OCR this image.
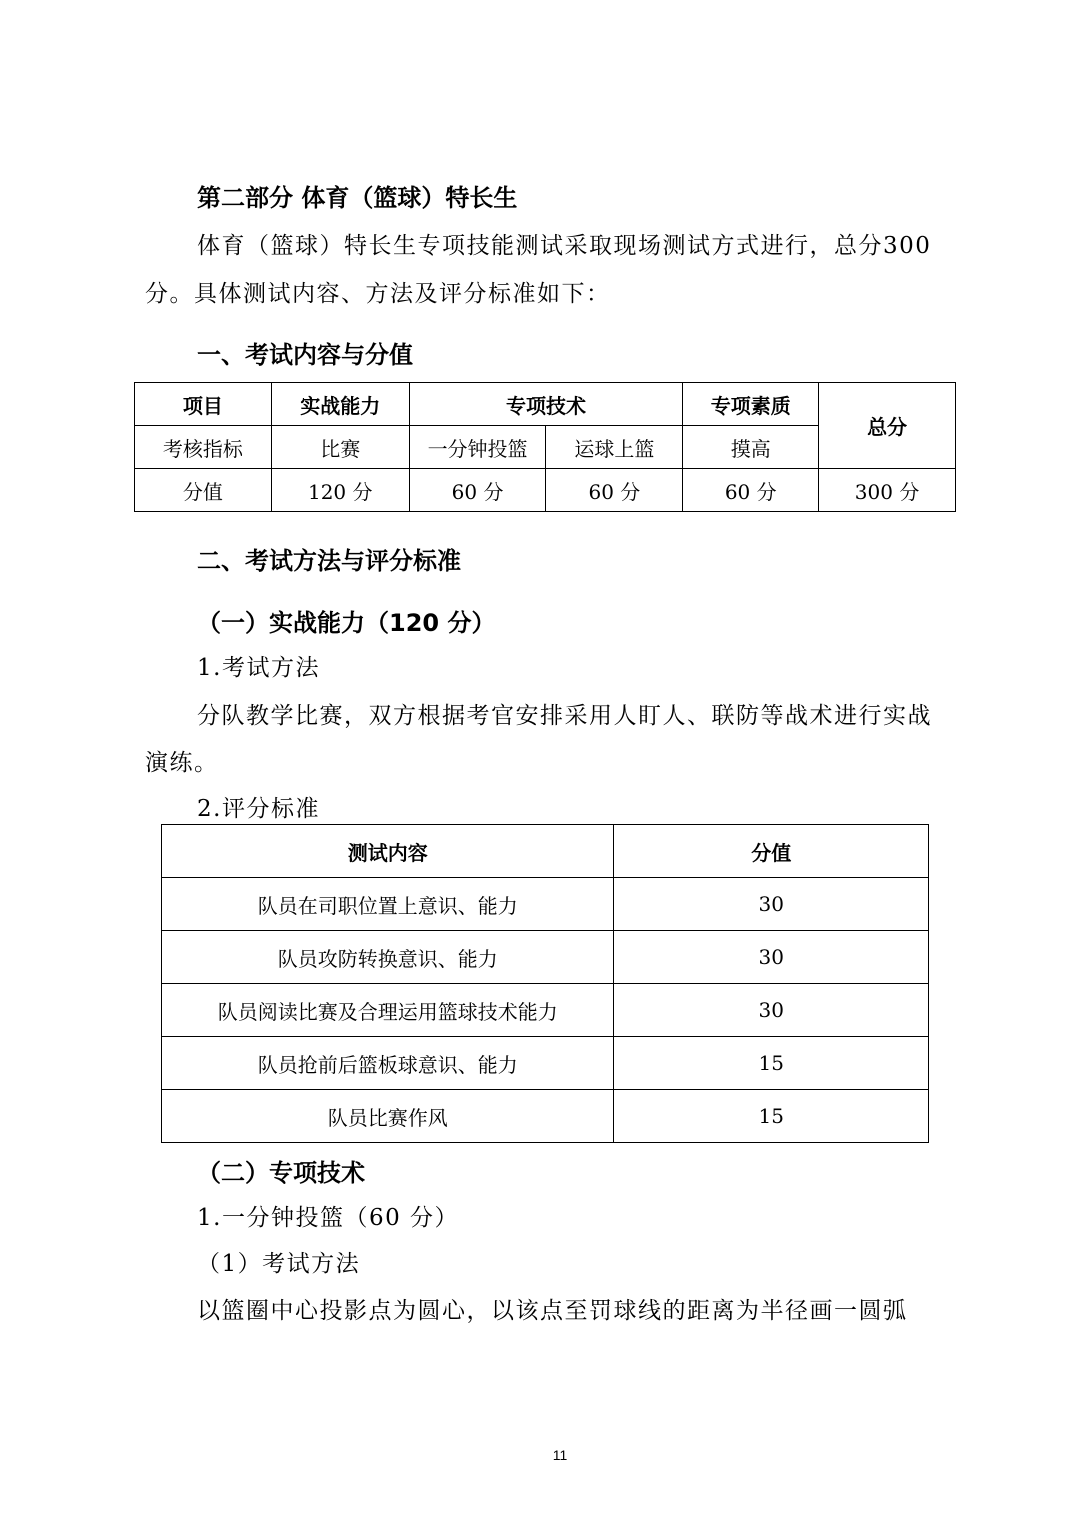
第二部分 体育（篮球）特长生
体育（篮球）特长生专项技能测试采取现场测试方式进行，总分300
分。具体测试内容、方法及评分标准如下：
一、考试内容与分值
项目	实战能力	专项技术		专项素质	总分
考核指标	比赛	一分钟投篮	运球上篮	摸高	
分值	120 分	60 分	60 分	60 分	300 分
二、考试方法与评分标准
（一）实战能力（120 分）
1.考试方法
分队教学比赛，双方根据考官安排采用人盯人、联防等战术进行实战
演练。
2.评分标准
测试内容	分值
队员在司职位置上意识、能力	30
队员攻防转换意识、能力	30
队员阅读比赛及合理运用篮球技术能力	30
队员抢前后篮板球意识、能力	15
队员比赛作风	15
（二）专项技术
1.一分钟投篮（60 分）
（1）考试方法
以篮圈中心投影点为圆心，以该点至罚球线的距离为半径画一圆弧
11
